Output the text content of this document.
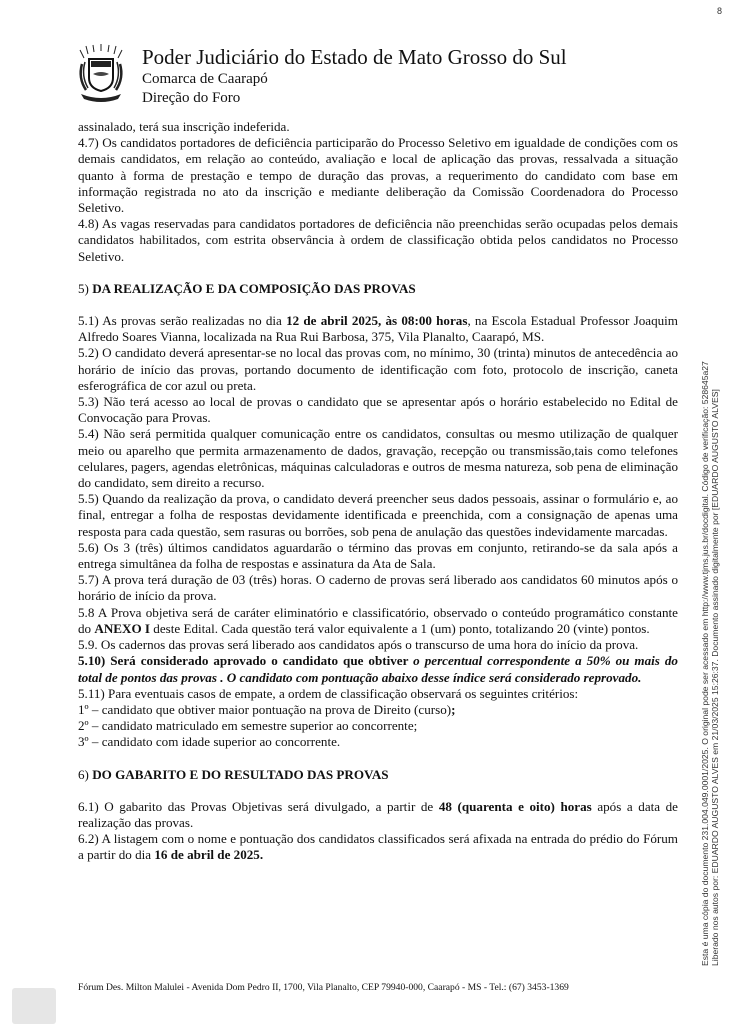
8
Poder Judiciário do Estado de Mato Grosso do Sul

Comarca de Caarapó

Direção do Foro

assinalado, terá sua inscrição indeferida.

4.7) Os candidatos portadores de deficiência participarão do Processo Seletivo em igualdade de condições com os demais candidatos, em relação ao conteúdo, avaliação e local de aplicação das provas, ressalvada a situação quanto à forma de prestação e tempo de duração das provas, a requerimento do candidato com base em informação registrada no ato da inscrição e mediante deliberação da Comissão Coordenadora do Processo Seletivo.

4.8) As vagas reservadas para candidatos portadores de deficiência não preenchidas serão ocupadas pelos demais candidatos habilitados, com estrita observância à ordem de classificação obtida pelos candidatos no Processo Seletivo.

5) DA REALIZAÇÃO E DA COMPOSIÇÃO DAS PROVAS

5.1) As provas serão realizadas no dia 12 de abril 2025, às 08:00 horas, na Escola Estadual Professor Joaquim Alfredo Soares Vianna, localizada na Rua Rui Barbosa, 375, Vila Planalto, Caarapó, MS.

5.2) O candidato deverá apresentar-se no local das provas com, no mínimo, 30 (trinta) minutos de antecedência ao horário de início das provas, portando documento de identificação com foto, protocolo de inscrição, caneta esferográfica de cor azul ou preta.

5.3) Não terá acesso ao local de provas o candidato que se apresentar após o horário estabelecido no Edital de Convocação para Provas.

5.4) Não será permitida qualquer comunicação entre os candidatos, consultas ou mesmo utilização de qualquer meio ou aparelho que permita armazenamento de dados, gravação, recepção ou transmissão,tais como telefones celulares, pagers, agendas eletrônicas, máquinas calculadoras e outros de mesma natureza, sob pena de eliminação do candidato, sem direito a recurso.

5.5) Quando da realização da prova, o candidato deverá preencher seus dados pessoais, assinar o formulário e, ao final, entregar a folha de respostas devidamente identificada e preenchida, com a consignação de apenas uma resposta para cada questão, sem rasuras ou borrões, sob pena de anulação das questões indevidamente marcadas.

5.6) Os 3 (três) últimos candidatos aguardarão o término das provas em conjunto, retirando-se da sala após a entrega simultânea da folha de respostas e assinatura da Ata de Sala.

5.7) A prova terá duração de 03 (três) horas. O caderno de provas será liberado aos candidatos 60 minutos após o horário de início da prova.

5.8 A Prova objetiva será de caráter eliminatório e classificatório, observado o conteúdo programático constante do ANEXO I deste Edital. Cada questão terá valor equivalente a 1 (um) ponto, totalizando 20 (vinte) pontos.

5.9. Os cadernos das provas será liberado aos candidatos após o transcurso de uma hora do início da prova.

5.10) Será considerado aprovado o candidato que obtiver o percentual correspondente a 50% ou mais do total de pontos das provas . O candidato com pontuação abaixo desse índice será considerado reprovado.

5.11) Para eventuais casos de empate, a ordem de classificação observará os seguintes critérios:

1º – candidato que obtiver maior pontuação na prova de Direito (curso);

2º – candidato matriculado em semestre superior ao concorrente;

3º – candidato com idade superior ao concorrente.

6) DO GABARITO E DO RESULTADO DAS PROVAS

6.1) O gabarito das Provas Objetivas será divulgado, a partir de 48 (quarenta e oito) horas após a data de realização das provas.

6.2) A listagem com o nome e pontuação dos candidatos classificados será afixada na entrada do prédio do Fórum a partir do dia 16 de abril de 2025.

Fórum Des. Milton Malulei - Avenida Dom Pedro II, 1700, Vila Planalto, CEP 79940-000, Caarapó - MS - Tel.: (67) 3453-1369
Esta é uma cópia do documento 231.004.049.0001/2025. O original pode ser acessado em http://www.tjms.jus.br/docdigital. Código de verificação: 528645a27 Liberado nos autos por: EDUARDO AUGUSTO ALVES em 21/03/2025 15:26:37. Documento assinado digitalmente por [EDUARDO AUGUSTO ALVES]
